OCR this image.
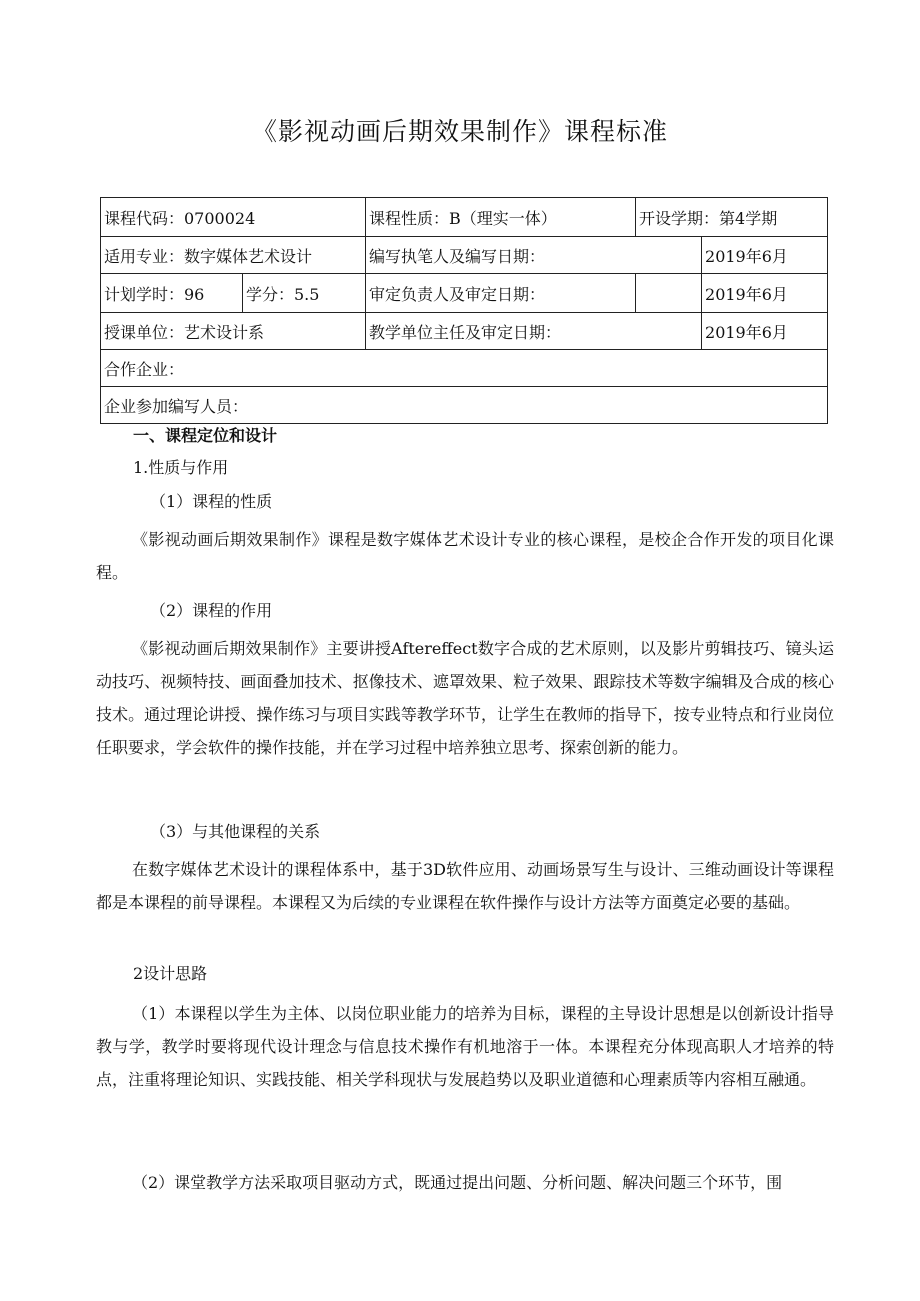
《影视动画后期效果制作》课程标准
课程代码：0700024		课程性质：B（理实一体）	开设学期：第4学期	
适用专业：数字媒体艺术设计		编写执笔人及编写日期：		2019年6月
计划学时：96	学分：5.5	审定负责人及审定日期：		2019年6月
授课单位：艺术设计系		教学单位主任及审定日期：		2019年6月
合作企业：				
企业参加编写人员：				
一、课程定位和设计
1.性质与作用
（1）课程的性质
《影视动画后期效果制作》课程是数字媒体艺术设计专业的核心课程，是校企合作开发的项目化课程。
（2）课程的作用
《影视动画后期效果制作》主要讲授Aftereffect数字合成的艺术原则，以及影片剪辑技巧、镜头运动技巧、视频特技、画面叠加技术、抠像技术、遮罩效果、粒子效果、跟踪技术等数字编辑及合成的核心技术。通过理论讲授、操作练习与项目实践等教学环节，让学生在教师的指导下，按专业特点和行业岗位任职要求，学会软件的操作技能，并在学习过程中培养独立思考、探索创新的能力。
（3）与其他课程的关系
在数字媒体艺术设计的课程体系中，基于3D软件应用、动画场景写生与设计、三维动画设计等课程都是本课程的前导课程。本课程又为后续的专业课程在软件操作与设计方法等方面奠定必要的基础。
2设计思路
（1）本课程以学生为主体、以岗位职业能力的培养为目标，课程的主导设计思想是以创新设计指导教与学，教学时要将现代设计理念与信息技术操作有机地溶于一体。本课程充分体现高职人才培养的特点，注重将理论知识、实践技能、相关学科现状与发展趋势以及职业道德和心理素质等内容相互融通。
（2）课堂教学方法采取项目驱动方式，既通过提出问题、分析问题、解决问题三个环节，围
